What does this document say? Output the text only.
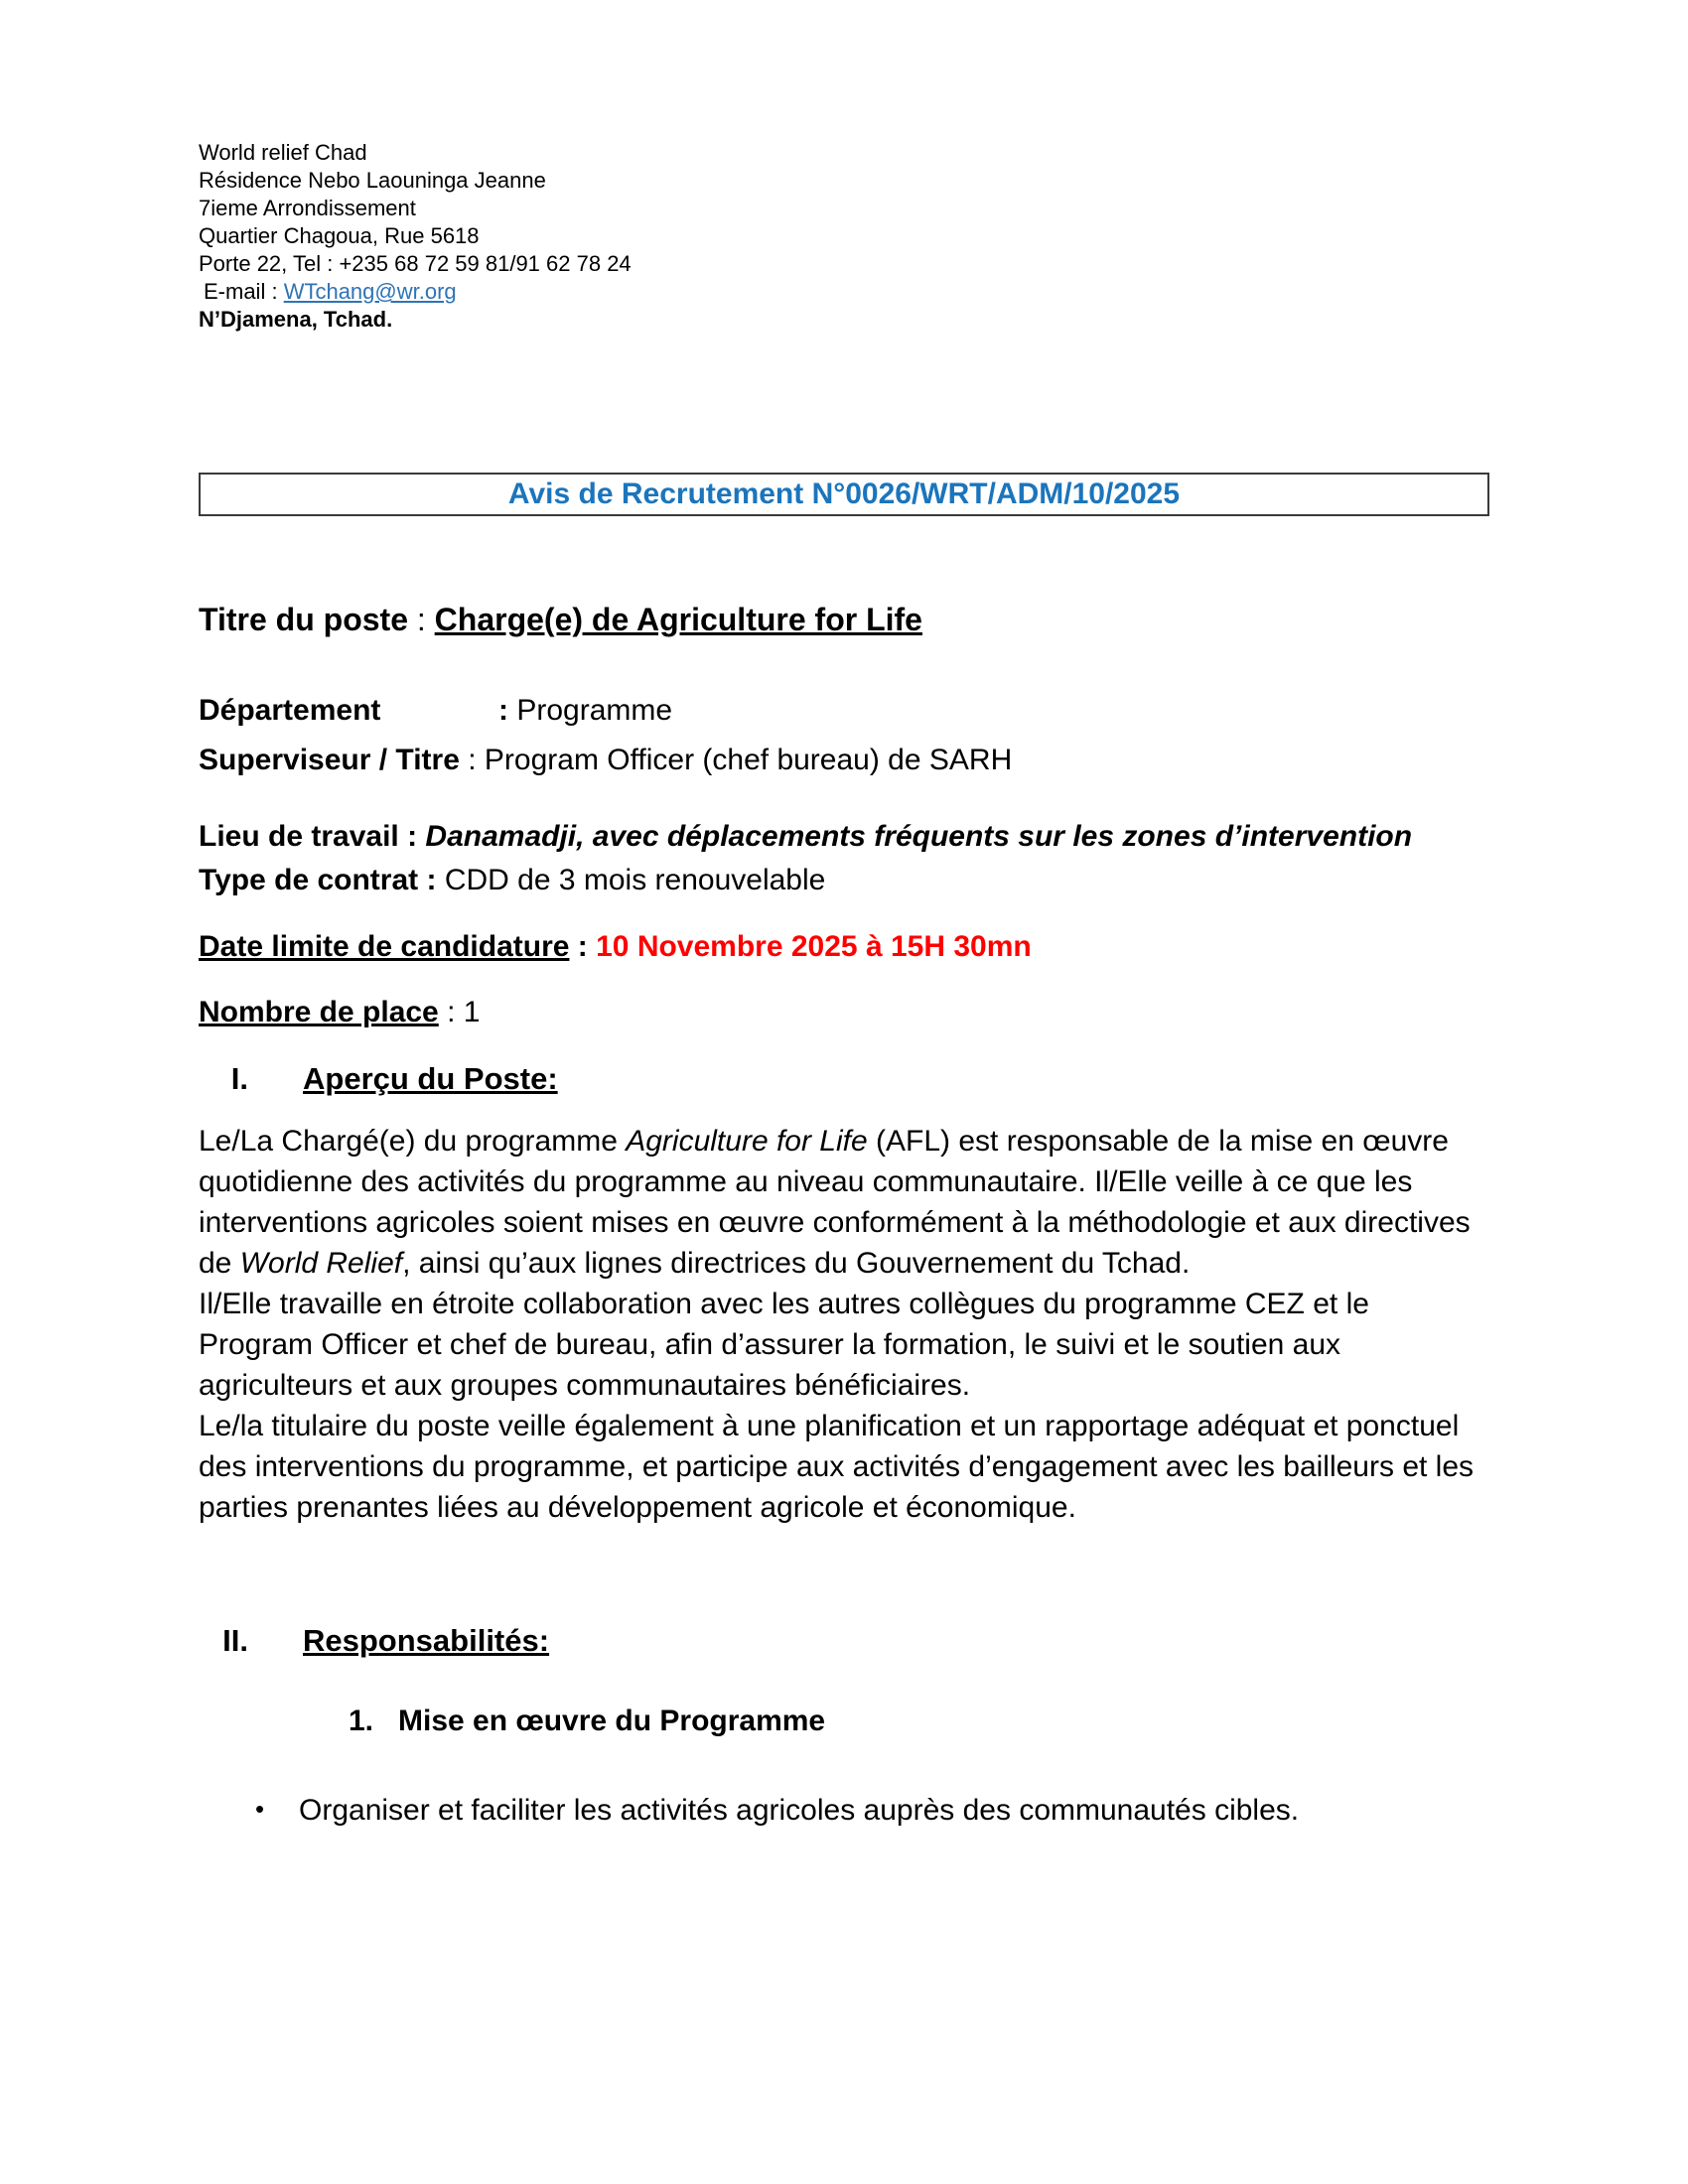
World relief Chad
Résidence Nebo Laouninga Jeanne
7ieme Arrondissement
Quartier Chagoua, Rue 5618
Porte 22, Tel : +235 68 72 59 81/91 62 78 24
E-mail : WTchang@wr.org
N’Djamena, Tchad.
Avis de Recrutement N°0026/WRT/ADM/10/2025
Titre du poste : Charge(e) de Agriculture for Life
Département	: Programme
Superviseur / Titre : Program Officer (chef bureau) de SARH
Lieu de travail : Danamadji, avec déplacements fréquents sur les zones d’intervention
Type de contrat : CDD de 3 mois renouvelable
Date limite de candidature : 10 Novembre 2025 à 15H 30mn
Nombre de place : 1
I.	Aperçu du Poste:

Le/La Chargé(e) du programme Agriculture for Life (AFL) est responsable de la mise en œuvre quotidienne des activités du programme au niveau communautaire. Il/Elle veille à ce que les interventions agricoles soient mises en œuvre conformément à la méthodologie et aux directives de World Relief, ainsi qu’aux lignes directrices du Gouvernement du Tchad.

Il/Elle travaille en étroite collaboration avec les autres collègues du programme CEZ et le Program Officer et chef de bureau, afin d’assurer la formation, le suivi et le soutien aux agriculteurs et aux groupes communautaires bénéficiaires.

Le/la titulaire du poste veille également à une planification et un rapportage adéquat et ponctuel des interventions du programme, et participe aux activités d’engagement avec les bailleurs et les parties prenantes liées au développement agricole et économique.

II.	Responsabilités:
1. Mise en œuvre du Programme
•	Organiser et faciliter les activités agricoles auprès des communautés cibles.
